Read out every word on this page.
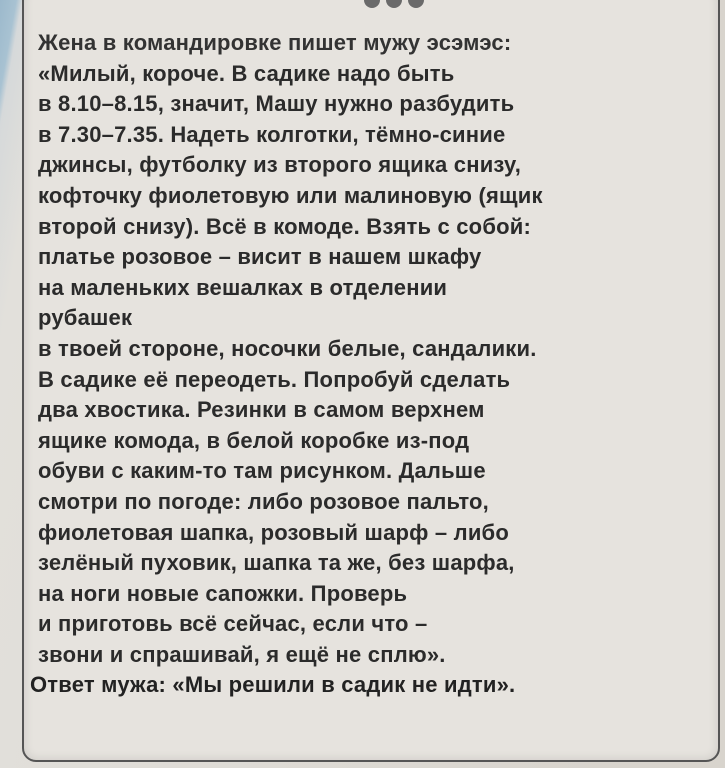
Жена в командировке пишет мужу эсэмэс:
«Милый, короче. В садике надо быть
в 8.10–8.15, значит, Машу нужно разбудить
в 7.30–7.35. Надеть колготки, тёмно-синие
джинсы, футболку из второго ящика снизу,
кофточку фиолетовую или малиновую (ящик
второй снизу). Всё в комоде. Взять с собой:
платье розовое – висит в нашем шкафу
на маленьких вешалках в отделении
рубашек
в твоей стороне, носочки белые, сандалики.
В садике её переодеть. Попробуй сделать
два хвостика. Резинки в самом верхнем
ящике комода, в белой коробке из-под
обуви с каким-то там рисунком. Дальше
смотри по погоде: либо розовое пальто,
фиолетовая шапка, розовый шарф – либо
зелёный пуховик, шапка та же, без шарфа,
на ноги новые сапожки. Проверь
и приготовь всё сейчас, если что –
звони и спрашивай, я ещё не сплю».
Ответ мужа: «Мы решили в садик не идти».
